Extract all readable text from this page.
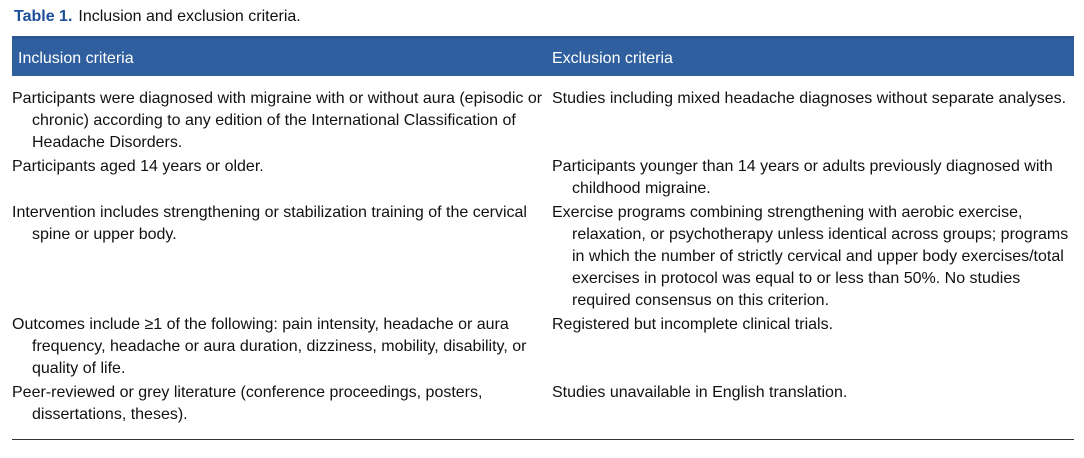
Table 1. Inclusion and exclusion criteria.
Inclusion criteria	Exclusion criteria
Participants were diagnosed with migraine with or without aura (episodic or chronic) according to any edition of the International Classification of Headache Disorders.
Studies including mixed headache diagnoses without separate analyses.
Participants aged 14 years or older.	Participants younger than 14 years or adults previously diagnosed with childhood migraine.
Intervention includes strengthening or stabilization training of the cervical spine or upper body.
Exercise programs combining strengthening with aerobic exercise, relaxation, or psychotherapy unless identical across groups; programs in which the number of strictly cervical and upper body exercises/total exercises in protocol was equal to or less than 50%. No studies required consensus on this criterion.
Outcomes include ≥1 of the following: pain intensity, headache or aura frequency, headache or aura duration, dizziness, mobility, disability, or quality of life.
Registered but incomplete clinical trials.
Peer-reviewed or grey literature (conference proceedings, posters, dissertations, theses).
Studies unavailable in English translation.
